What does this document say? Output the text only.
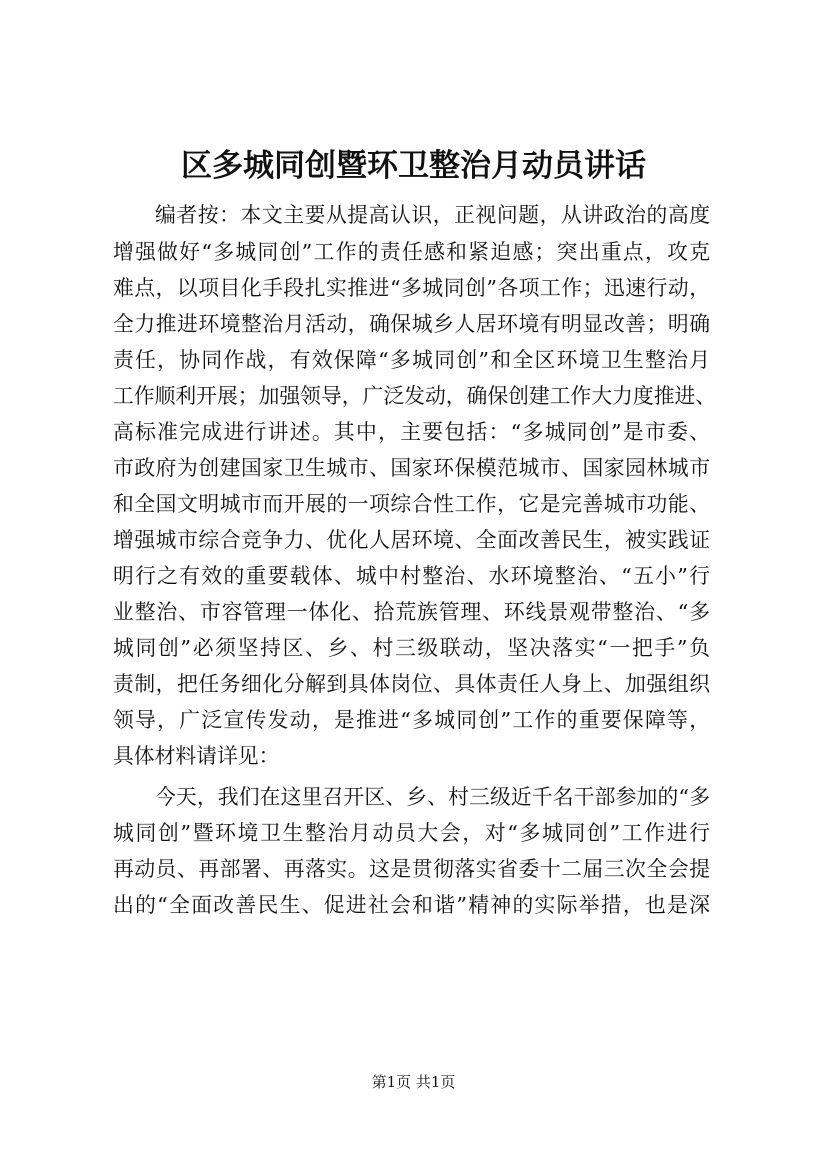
区多城同创暨环卫整治月动员讲话
编者按：本文主要从提高认识，正视问题，从讲政治的高度
增强做好“多城同创”工作的责任感和紧迫感；突出重点，攻克
难点，以项目化手段扎实推进“多城同创”各项工作；迅速行动，
全力推进环境整治月活动，确保城乡人居环境有明显改善；明确
责任，协同作战，有效保障“多城同创”和全区环境卫生整治月
工作顺利开展；加强领导，广泛发动，确保创建工作大力度推进、
高标准完成进行讲述。其中，主要包括：“多城同创”是市委、
市政府为创建国家卫生城市、国家环保模范城市、国家园林城市
和全国文明城市而开展的一项综合性工作，它是完善城市功能、
增强城市综合竞争力、优化人居环境、全面改善民生，被实践证
明行之有效的重要载体、城中村整治、水环境整治、“五小”行
业整治、市容管理一体化、拾荒族管理、环线景观带整治、“多
城同创”必须坚持区、乡、村三级联动，坚决落实“一把手”负
责制，把任务细化分解到具体岗位、具体责任人身上、加强组织
领导，广泛宣传发动，是推进“多城同创”工作的重要保障等，
具体材料请详见：
今天，我们在这里召开区、乡、村三级近千名干部参加的“多
城同创”暨环境卫生整治月动员大会，对“多城同创”工作进行
再动员、再部署、再落实。这是贯彻落实省委十二届三次全会提
出的“全面改善民生、促进社会和谐”精神的实际举措，也是深
第1页 共1页
